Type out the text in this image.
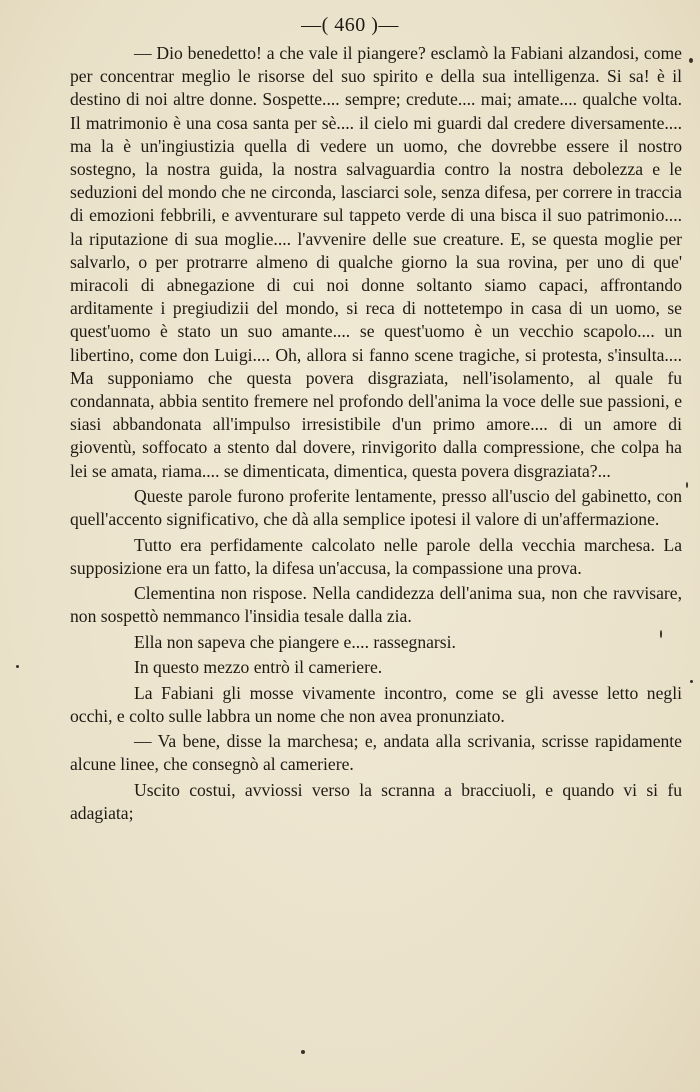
—( 460 )—

— Dio benedetto! a che vale il piangere? esclamò la Fabiani alzandosi, come per concentrar meglio le risorse del suo spirito e della sua intelligenza. Si sa! è il destino di noi altre donne. Sospette.... sempre; credute.... mai; amate.... qualche volta. Il matrimonio è una cosa santa per sè.... il cielo mi guardi dal credere diversamente.... ma la è un'ingiustizia quella di vedere un uomo, che dovrebbe essere il nostro sostegno, la nostra guida, la nostra salvaguardia contro la nostra debolezza e le seduzioni del mondo che ne circonda, lasciarci sole, senza difesa, per correre in traccia di emozioni febbrili, e avventurare sul tappeto verde di una bisca il suo patrimonio.... la riputazione di sua moglie.... l'avvenire delle sue creature. E, se questa moglie per salvarlo, o per protrarre almeno di qualche giorno la sua rovina, per uno di que' miracoli di abnegazione di cui noi donne soltanto siamo capaci, affrontando arditamente i pregiudizii del mondo, si reca di nottetempo in casa di un uomo, se quest'uomo è stato un suo amante.... se quest'uomo è un vecchio scapolo.... un libertino, come don Luigi.... Oh, allora si fanno scene tragiche, si protesta, s'insulta.... Ma supponiamo che questa povera disgraziata, nell'isolamento, al quale fu condannata, abbia sentito fremere nel profondo dell'anima la voce delle sue passioni, e siasi abbandonata all'impulso irresistibile d'un primo amore.... di un amore di gioventù, soffocato a stento dal dovere, rinvigorito dalla compressione, che colpa ha lei se amata, riama.... se dimenticata, dimentica, questa povera disgraziata?...

Queste parole furono proferite lentamente, presso all'uscio del gabinetto, con quell'accento significativo, che dà alla semplice ipotesi il valore di un'affermazione.

Tutto era perfidamente calcolato nelle parole della vecchia marchesa. La supposizione era un fatto, la difesa un'accusa, la compassione una prova.

Clementina non rispose. Nella candidezza dell'anima sua, non che ravvisare, non sospettò nemmanco l'insidia tesale dalla zia.

Ella non sapeva che piangere e.... rassegnarsi.

In questo mezzo entrò il cameriere.

La Fabiani gli mosse vivamente incontro, come se gli avesse letto negli occhi, e colto sulle labbra un nome che non avea pronunziato.

— Va bene, disse la marchesa; e, andata alla scrivania, scrisse rapidamente alcune linee, che consegnò al cameriere.

Uscito costui, avviossi verso la scranna a bracciuoli, e quando vi si fu adagiata;
